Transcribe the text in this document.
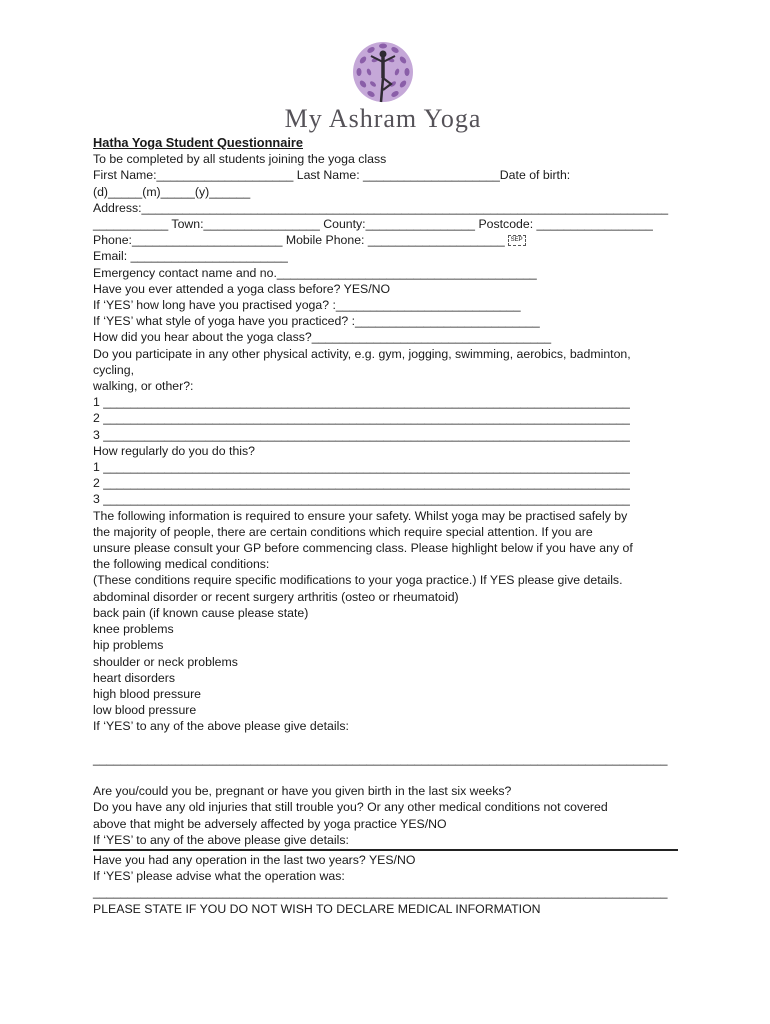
My Ashram Yoga
Hatha Yoga Student Questionnaire
To be completed by all students joining the yoga class
First Name:____________________ Last Name: ____________________Date of birth:
(d)_____(m)_____(y)______
Address:_____________________________________________________________________________
___________ Town:_________________ County:________________ Postcode: _________________
Phone:______________________ Mobile Phone: ____________________ SEP
Email: _______________________
Emergency contact name and no.______________________________________
Have you ever attended a yoga class before? YES/NO
If ‘YES’ how long have you practised yoga? :___________________________
If ‘YES’ what style of yoga have you practiced? :___________________________
How did you hear about the yoga class?___________________________________
Do you participate in any other physical activity, e.g. gym, jogging, swimming, aerobics, badminton,
cycling,
walking, or other?:
1 _____________________________________________________________________________
2 _____________________________________________________________________________
3 _____________________________________________________________________________
How regularly do you do this?
1 _____________________________________________________________________________
2 _____________________________________________________________________________
3 _____________________________________________________________________________
The following information is required to ensure your safety. Whilst yoga may be practised safely by
the majority of people, there are certain conditions which require special attention. If you are
unsure please consult your GP before commencing class. Please highlight below if you have any of
the following medical conditions:
(These conditions require specific modifications to your yoga practice.) If YES please give details.
abdominal disorder or recent surgery arthritis (osteo or rheumatoid)
back pain (if known cause please state)
knee problems
hip problems
shoulder or neck problems
heart disorders
high blood pressure
low blood pressure
If ‘YES’ to any of the above please give details:
____________________________________________________________________________________
Are you/could you be, pregnant or have you given birth in the last six weeks?
Do you have any old injuries that still trouble you? Or any other medical conditions not covered
above that might be adversely affected by yoga practice YES/NO
If ‘YES’ to any of the above please give details:
Have you had any operation in the last two years? YES/NO
If ‘YES’ please advise what the operation was:
____________________________________________________________________________________
PLEASE STATE IF YOU DO NOT WISH TO DECLARE MEDICAL INFORMATION
